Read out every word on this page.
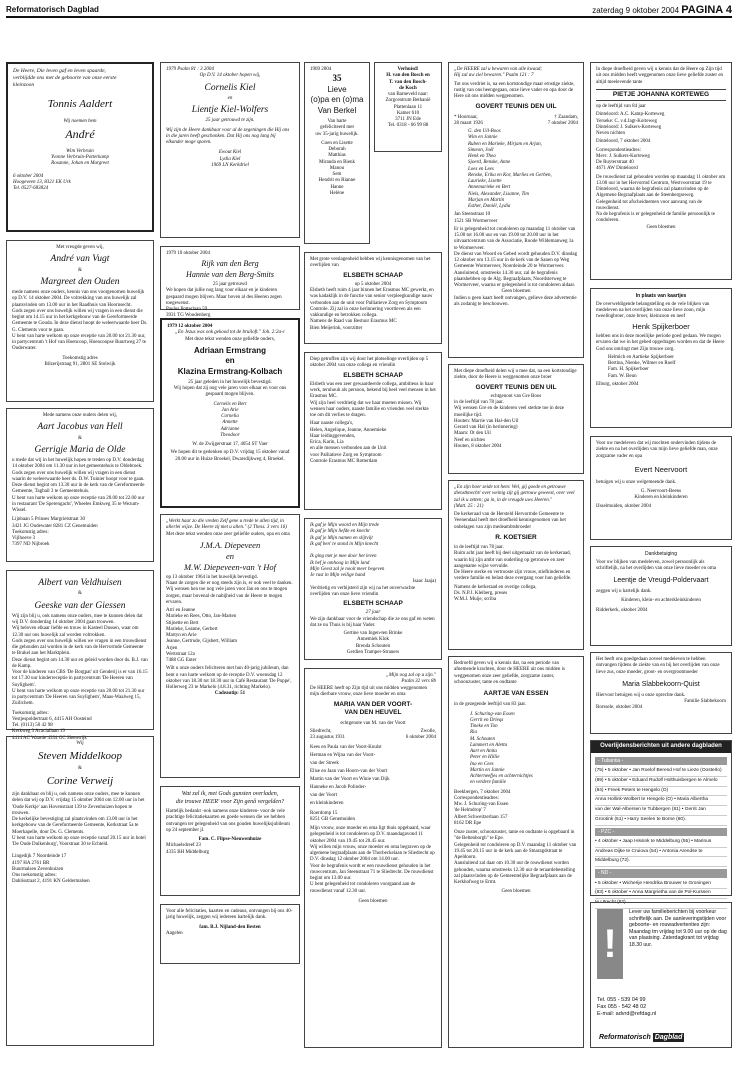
Reformatorisch Dagblad	zaterdag 9 oktober 2004 PAGINA 4
De Heere, Die leven gaf en leven spaarde,
verblijdde ons met de geboorte van onze eerste
kleinzoon
Tonnis Aaldert
Wij noemen hem
André
Wim Verbruin
Yvonne Verbruin-Potterkamp
Rosanne, Johan en Margreet
6 oktober 2004
Hoogeveen 13, 8321 EK Urk
Tel. 0527-683824
Met vreugde geven wij,
André van Vugt
&
Margreet den Ouden
mede namens onze ouders, kennis van ons voorgenomen huwelijk op D.V. 14 oktober 2004. De voltrekking van ons huwelijk zal plaatsvinden om 13.00 uur in het Raadhuis van Hoornsecht.
Gods zegen over ons huwelijk willen wij vragen in een dienst die begint om 14.15 uur in het kerkgebouw van de Gereformeerde Gemeente te Gouda. In deze dienst hoopt de weleerwaarde heer Ds. G. Clements voor te gaan.
U bent van harte welkom op onze receptie van 20.00 tot 21.30 uur, in partycentrum 't Hof van Hoencoop, Hoencoopse Buurtweg 27 te Ouderwater.
Toekomstig adres
Bilzerijstraag 91, 2801 SE Stolwijk
Mede namens onze ouders delen wij,
Aart Jacobus van Hell
&
Gerrigje Maria de Olde
u mede dat wij in het huwelijk hopen te treden op D.V. donderdag 14 oktober 2004 om 11.30 uur in het gemeentehuis te Oldebroek.
Gods zegen over ons huwelijk willen wij vragen in een dienst waarin de weleerwaarde heer ds. D.W. Tuinier hoopt voor te gaan. Deze dienst begint om 13.30 uur in de kerk van de Gereformeerde Gemeente, Tagbail 3 te Gemeentehuis.
U bent van harte welkom op onze receptie van 20.00 tot 22.00 uur in restaurant 'De Sperengacht', Wheeles Emkweg 35 te Wezum-Wissel.
Lijnbaan 5 Prinses Margrietstraat 30
3421 JG Oudewater 8281 CZ Genemuiden
Toekomstig adres:
Vijlhoeve 3
7397 ND Nijbroek
Albert van Veldhuisen
&
Geeske van der Giessen
Wij zijn blij u, ook namens onze ouders, mee te kunnen delen dat wij D.V. donderdag 14 oktober 2004 gaan trouwen.
Wij beloven elkaar liefde en trouw in Kasteel Dussen, waar om 12.30 uur ons huwelijk zal worden voltrokken.
Gods zegen over ons huwelijk willen we vragen in een trouwdienst die gehouden zal worden in de kerk van de Hervormde Gemeente te Brakel aan het Marktplein.
Deze dienst begint om 14.30 uur en geleid worden door ds. B.J. van de Kamp.
Voor de kinderen van CBS 'De Borgpat' uit Genderij is er van 16.15 tot 17.30 uur kinderreceptie in partycentrum 'De Heeren van Suylighem'.
U bent van harte welkom op onze receptie van 20.00 tot 21.30 uur in partycentrum 'De Heeren van Suylighem', Maas-Waalweg 15, Zuilichem.
Toekomstig adres:
Vestjespoldertraat 6, 4415 AH Oosteind
Tel. (0113) 50 42 98
Kerkweg 3 Acaciallaan 19
4414 AC Waarde 4334 GC Sleenwijk
Wij
Steven Middelkoop
&
Corine Verweij
zijn dankbaar en blij u, ook namens onze ouders, mee te kunnen delen dat wij op D.V. vrijdag 15 oktober 2004 om 12.00 uur in het 'Oude Kerkje' aan Hovenstraat 139 te Zevenhuizen hopen te trouwen.
De kerkelijke bevestiging zal plaatsvinden om 13.00 uur in het kerkgebouw van de Gereformeerde Gemeente, Kerkstraat 5a te Moerkapelle, door Ds. G. Clements.
U bent van harte welkom op onze receptie vanaf 20.15 uur in hotel 'De Oude Dulkenburg', Voorstraat 30 te Echteld.
Lingedijk 7 Noordeinde 17
4197 HA 2761 BR
Buurmalsen Zevenhuizen
Ons toekomstig adres:
Dahlisstraat 2, 4191 KN Geldermalsen
1979 Psalm 81 : 3 2004
Op D.V. 14 oktober hopen wij,
Cornelis Kiel
en
Lientje Kiel-Wolfers
25 jaar getrouwd te zijn.
Wij zijn de Heere dankbaar voor al de zegeningen die Hij ons in die jaren heeft geschonken. Dat Hij ons nog lang bij elkander moge sparen.
Ewout Kiel
Lydia Kiel
1969 LN Kerkdriel
1979 10 oktober 2004
Rijk van den Berg
Hannie van den Berg-Smits
25 jaar getrouwd
We hopen dat jullie nog lang voor elkaar en je kinderen gespaard mogen blijven. Maar boven al des Heeren zegen toegewenst.
Paulus Potterlaan 59
3931 TG Woudenberg
1979 12 oktober 2004
„En Jezus was ook gekood tot de bruiloft." Joh. 2:2a-c
Met deze tekst wenden onze geliefde ouders,
Adriaan Ermstrang
en
Klazina Ermstrang-Kolbach
25 jaar geleden in het huwelijk bevestigd.
Wij hopen dat zij nog vele jaren voor elkaar en voor ons gespaard mogen blijven.
Cornelis en Bert
Jan Arie
Cornelia
Annette
Adrianne
Theodoor
W. de Zwijgerstraat 17, 4054 ST Vaer
We hopen dit te gedenken op D.V. vrijdag 15 oktober vanaf 20.00 uur in Huize Broekel, Dwarsdijkweg 4, Broekel.
„Werkt haar zo die vreden Zelf gene u trede te allen tijd, in allerlei wijze. De Heere zij met u allen." (2 Thess. 3 vers 16)
Met deze tekst wenden onze zeer geliefde ouders, opa en oma
J.M.A. Diepeveen
en
M.W. Diepeveen-van 't Hof
op 13 oktober 1964 in het huwelijk bevestigd.
Naast de zorgen die er nog steeds zijn is, er ook veel te danken.
Wij wensen hen toe nog vele jaren voor Jan en ons te mogen zorgen, maar bovenal de nabijheid van de Heere te mogen ervaren.
Arri en Jeanne
Marieke en Rees, Otto, Jan-Marten
Stijnette en Bert
Marieke, Leanne, Gerbert
Martyn en Arie
Jeanne, Gertrude, Gijsbert, William
Arjen
Wertstraat 12a
7488 GG Enter
Wilt u onze ouders feliciteren met hun 40-jarig jubileum, dan bent u van harte welkom op de receptie D.V. woensdag 12 oktober van 18.30 tot 18.30 uur in Café Restaurant 'De Poppe', Hollerweg 23 te Markelo (4.8.31, richting Markelo).
Cadeautip: 51
Wat zal ik, met Gods gunsten overladen,
die trouwe HEER' voor Zijn genâ vergelden?
Hartelijk bedankt -ook namens onze kinderen- voor de vele prachtige felicitatiekaarten en goede wensen die we hebben ontvangen ter gelegenheid van ons gouden huwelijksjubileum op 24 september jl.
Fam. C. Flipse-Nieuwenhuize
Michaelsdreef 23
4335 BH Middelburg
Voor alle felicitaties, kaarten en cadeaus, ontvangen bij ons 40-jarig huwelijk, zeggen wij iedereen hartelijk dank.
fam. B.J. Nijland-den Besten
Aagelen
1969 2004
35
Lieve
(o)pa en (o)ma
Van Berkel
Van harte
gefeliciteerd met
uw 35-jarig huwelijk.
Coen en Lisette
Deborah
Matthias
Miranda en Bienk
Manou
Sem
Hendrit en Rianne
Hanne
Helène
Verhuisd!
H. van den Bosch en
T. van den Bosch-
de Koch
van Barneveld naar:
Zorgcentrum Bethanië
Plattenlaan 11
Kamer 610
3711 JN Ede
Tel. 0318 - 66 99 88
Met grote verslagenheid hebben wij kennisgenomen van het overlijden van
ELSBETH SCHAAP
op 5 oktober 2004
Elsbeth heeft ruim 4 jaar binnen het Erasmus MC gewerkt, en was kadaklijk in de functie van senior verpleegkundige nauw verbonden aan de unit voor Palliatieve Zorg en Symptoom Controle. Zij zal in onze herinnering voortleven als een vakkundige en betrokken collega.
Namens de Raad van Bestuur Erasmus MC
Bien Meijerink, voorzitter
Diep getroffen zijn wij door het plotselinge overlijden op 5 oktober 2004 van onze collega en vriendin
ELSBETH SCHAAP
Elsbeth was een zeer gewaardeerde collega, ambitieus in haar werk, teruhouh als persoon, bekend bij heel veel mensen in het Erasmus MC.
Wij zijn heel verdrietig dat we haar moeten missen. Wij wensen haar ouders, naaste familie en vrienden veel sterkte toe om dit verlies te dragen.
Haar naaste collega's,
Helen, Angelique, Jeanne, Annemieke
Haar leidinggevenden,
Erica, Karin, Lia
en alle mensen verbonden aan de Unit
voor Palliatieve Zorg en Symptoom
Controle Erasmus MC Rotterdam
Ik gaf je Mijn woord en Mijn trede
Ik gaf je Mijn liefde en knecht
Ik gaf je Mijn namen en slijtvijt
Ik gaf ben' te stond in Mijn knecht

Ik ging met je mee door het leven
Ik hef je omhoog in Mijn land
Mijn Geest zal je nooit meer begeven
Je rust in Mijn veilige hand
Isaac Jaaja)
Verdrietig en verbijsterd zijn wij na het onverwachte overlijden van onze lieve vriendin
ELSBETH SCHAAP
27 jaar
We zijn dankbaar voor de vriendschap die ze ons gaf en weten dat ze nu Thuis is bij haar Vader.
Gertine van Ingen-ten Brinke
Annemiek Klok
Brenda Schouten
Gerdien Tramper-Strauers
„Mijn oog zal op u zijn."
Psalm 32 vers 8b
De HEERE heeft op Zijn tijd uit ons midden weggenomen mijn dierbare vrouw, onze lieve moeder en oma
MARIA VAN DER VOORT-
VAN DEN HEUVEL
echtgenote van M. van der Voort
Sliedrecht,
23 augustus 1931
Zwolle,
6 oktober 2004
Kees en Paula van der Voort-Knulst
Herman en Wijna van der Voort-
van der Streek
Elise en Jaan van Hoorn-van der Voort
Martin van der Voort en Winie van Dijk
Hanneke en Jacob Polinder-
van der Voort
en kleinkinderen
Roerdomp 15
8251 GB Genemuiden
Mijn vrouw, onze moeder en oma ligt thuis opgebaard, waar gelegenheid is tot condoleren op D.V. maandagavond 11 oktober 2004 van 19.45 tot 20.45 uur.
Wij willen mijn vrouw, onze moeder en oma begraven op de algemene begraafplaats aan de Thorbeckelaan te Sliedrecht op D.V. dinsdag 12 oktober 2004 om 14.00 uur.
Voor de begrafenis wordt er een rouwdienst gehouden in het rouwcentrum, Jan Steenstraat 71 te Sliedrecht. De rouwdienst begint om 13.00 uur.
U bent gelegenheid tot condoleren voorgaand aan de rouwdienst vanaf 12.30 uur.
Geen bloemen
„De HEERE zal u bewaren van alle kwaad;
Hij zal uw ziel bewaren." Psalm 121 : 7
Tot ons verdriet is, na een kortstondige maar ernstige ziekte, rustig van ons heengegaan, onze lieve vader en opa door de Here uit ons midden weggenomen.
GOVERT TEUNIS DEN UIL
* Hoornaar,
28 maart 1926
† Zaandam,
7 oktober 2004
G. den Uil-Boos
Wim en Jannie
Ruben en Marieke, Mirjam en Arjan,
Simeon, Joël
Henk en Thea
Sjoerd, Renske, Anne
Loes en Lees
Renske, Erika en Kor, Marlies en Gerben,
Laurieke, Lisette
Annemarieke en Bert
Niels, Alexander, Lisanne, Tim
Marjan en Martin
Esther, Daniël, Lydia
Jan Steenstraat 10
1521 SB Wormerveer
Er is gelegenheid tot condoleren op maandag 11 oktober van 15.00 tot 16.00 uur en van 19.00 tot 20.00 uur in het uitvaartcentrum van de Associatie, Roode Wildemanweg 1a te Wormerveer.
De dienst van Woord en Gebed wordt gehouden D.V. dinsdag 12 oktober om 13.15 uur in de kerk van de Sanen op Weg Gemeente Wormerveer, Noordeinde 20 te Wormerveer.
Aansluitend, omstreeks 14.30 uur, zal de begrafenis plaatshebben op de Alg. Begraafplaats, Noordsterweg te Wormerveer, waarna er gelegenheid is tot condoleren aldaar.
Geen bloemen
Indien u geen kaart heeft ontvangen, gelieve deze advertentie als zodanig te beschouwen.
Met diepe droefheid delen wij u mee dat, na een kortstondige ziekte, door de Heere is weggenomen onze broer
GOVERT TEUNIS DEN UIL
echtgenoot van Gre Boos
in de leeftijd van 78 jaar.
Wij wensen Gre en de kinderen veel sterkte toe in deze moeilijke tijd.
Houten: Marrie van Hal-den Uil
Gerard van Hal (in herinnering)
Maarn: Ot den Uil
Neef en nichtes
Houten, 8 oktober 2004
„En zijn hoer zeide tot hem: Wel, gij goede en getrouwe dienstknecht! over weinig zijt gij getrouw geweest, over veel zal ik u zetten; ga in, in de vreugde uws Heeren."
(Matt. 25 : 21)
De kerkeraad van de Hersteld Hervormde Gemeente te Veenendaal heeft met droefheid kennisgenomen van het onbelagen van zijn medeambtsbroeder
R. KOETSIER
in de leeftijd van 78 jaar.
Ruim acht jaar heeft hij deel uitgemaakt van de kerkeraad, waarin hij zijn ambt van ouderling op getrouwe en zeer aangename wijze vervulde.
De Heere sterke en vertrooste zijn vrouw, stiefkinderen en verdere familie en belast deze overgang voor hun geliefde.
Namens de kerkeraad en overige collega,
Ds. N.P.J. Kleiberg, preses
W.M.J. Muije, scriba
Bedroefd geven wij u kennis dat, na een periode van afnemende krachten, door de HEERE uit ons midden is weggenomen onze zeer geliefde, zorgzame zuster, schoonzuster, tante en oudtante
AARTJE VAN ESSEN
in de gezegende leeftijd van 83 jaar.
J. Schuring-van Essen
Gerrit en Drieqs
Tineke en Ton
Ria
M. Schouten
Lammert en Aletta
Aart en Anita
Peter en Hillie
Ina en Cees
Martin en Jannie
Achterneefjes en achternichtjes
en verdere familie
Beekbergen, 7 oktober 2004
Correspondentieadres:
Mw. J. Schuring-van Essen
'de Helmdrop' 7
Albert Schweitzerlaan 157
8162 DR Epe
Onze zuster, schoonzuster, tante en oudtante is opgebaard in "de Beltenborgh" te Epe.
Gelegenheid tot condoleren op D.V. maandag 11 oktober van 19.45 tot 20.15 uur in de kerk aan de Smaragdstraat te Apeldoorn.
Aansluitend zal daar om 10.30 uur de rouwdienst worden gehouden, waarna omstreeks 12.30 uur de teraardebestelling zal plaatsvinden op de Gemeentelijke Begraafplaats aan de Kerkhofweg te Ermt.
Geen bloemen
In diepe droefheid geven wij u kennis dat de Heere op Zijn tijd uit ons midden heeft weggenomen onze lieve geliefde zuster en altijd meelevende tante
PIETJE JOHANNA KORTEWEG
op de leeftijd van 84 jaar
Dinteloord: A.C. Kamp-Korteweg
Yerseke: C. v.d.Jagt-Korteweg
Dinteloord: J. Sulkers-Korteweg
Neven nichten
Dinteloord, 7 oktober 2004
Correspondentieadres:
Mevr. J. Sulkers-Korteweg
De Ruyterstraat 40
4671 AW Dinteloord
De rouwdienst zal gehouden worden op maandag 11 oktober om 13.00 uur in het Hervormd Centrum, Westvoorstraat 19 te Dinteloord, waarna de begrafenis zal plaatsvinden op de Algemene Begraafplaats aan de Steenbergseweg.
Gelegenheid tot afscheidnemen voor aanvang van de rouwdienst.
Na de begrafenis is er gelegenheid de familie persoonlijk te condoleren.
Geen bloemen
In plaats van kaartjes
De overweldigende belangstelling en de vele blijken van medeleven na het overlijden van onze lieve zoon, mijn tweelingbroer, onze broer, kleinzoon en neef
Henk Spijkerboer
hebben ons in deze moeilijke periode goed gedaan. We mogen ervaren dat we in het gebed opgedragen worden en dat de Heere God ons omringt met Zijn trouwe zorg.
Helmich en Aartieke Spijkerboer
Bertina, Nienke, Wilmer en Roelf
Fam. H. Spijkerboer
Fam. W. Beun
Elburg, oktober 2004
Voor uw medeleven dat wij mochten ondervinden tijdens de ziekte en na het overlijden van mijn lieve geliefde man, onze zorgzame vader en opa
Evert Neervoort
betuigen wij u onze welgemeende dank.
G. Neervoort-Beens
Kinderen en kleinkinderen
IJsselmuiden, oktober 2004
Dankbetuiging
Voor uw blijken van medeleven, zowel persoonlijk als schriftelijk, na het overlijden van onze lieve moeder en oma
Leentje de Vreugd-Poldervaart
zeggen wij u hartelijk dank.
Kinderen, klein- en achterkleinkinderen
Ridderkerk, oktober 2004
Het heeft ons goedgedaan zoveel medeleven te hebben ontvangen tijdens de ziekte van en bij het overlijden van onze lieve zus, onze moeder, groot- en overgrootmoeder
Maria Slabbekoorn-Quist
Hiervoor betuigen wij u onze oprechte dank.
Familie Slabbekoorn
Borssele, oktober 2004
Overlijdensberichten uit andere dagbladen
- Tubantia -
(75) • 5 oktober • Jan Roelof Berend Hof te Lieze (Oosterlo)
(89) • 5 oktober • Eduard Rudolf Holthuisbergen te Almelo
(84) • Freek Peters te Hengelo (O)
Anna Hollink-Wolbert te Hengelo (O) • Maria Albertha
van der Wal-Albersen te Tubbergen (81) • Gerrit Jan
Grootink (51) • Harry Seelen te Borne (60).
- PZC -
• 4 oktober • Jaap Hissink te Middelburg (55) • Marinus
Andreas Dijke te Cruiova (54) • Antonia Arendse te
Middelburg (72).
- ND -
• 5 oktober • Wicherije Hendrika Brouwer te Groningen
(83) • 6 oktober • Anna Margrietha van de Pol-Kurssen
te Utrecht (82).
!
Lever uw familieberichten bij voorkeur schriftelijk aan. De aanleveringstijden voor geboorte- en rouwadvertenties zijn: Maandag tm vrijdag tot 9.00 uur op de dag van plaatsing. Zaterdagkrant tot vrijdag 18.30 uur.
Tel. 055 - 539 04 99
Fax 055 - 542 48 02
E-mail: advrd@refdag.nl
Reformatorisch Dagblad
